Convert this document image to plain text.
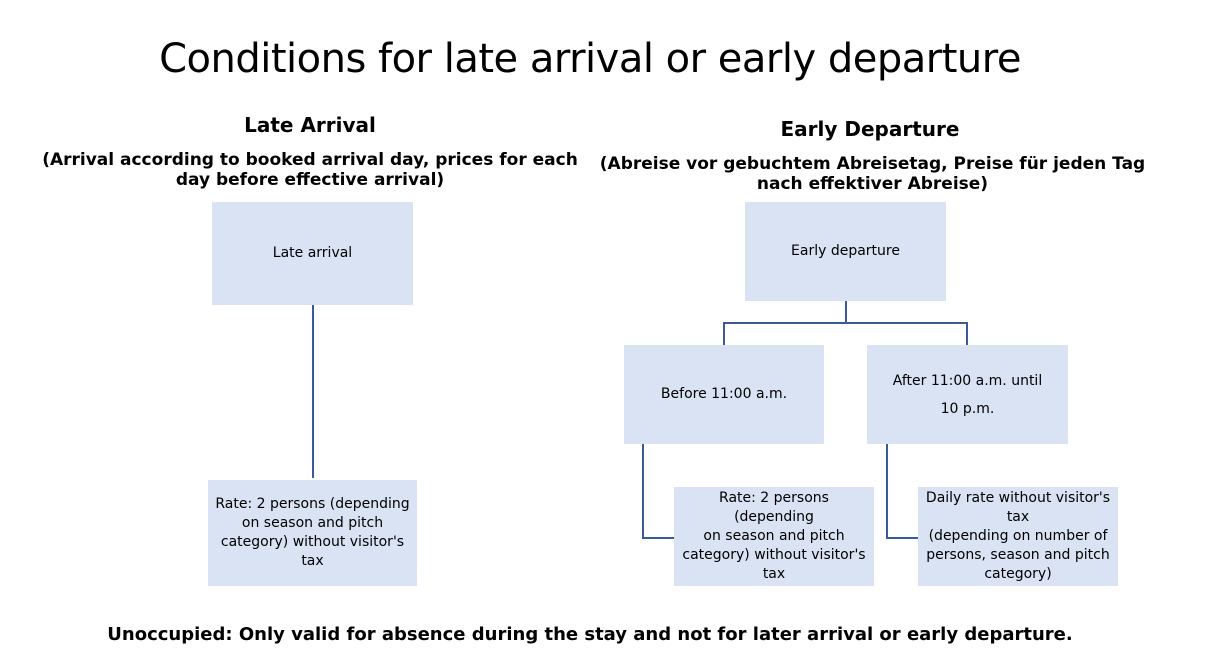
Conditions for late arrival or early departure
Late Arrival
(Arrival according to booked arrival day, prices for each
day before effective arrival)
Late arrival
Rate: 2 persons (depending
on season and pitch
category) without visitor's tax
Early Departure
(Abreise vor gebuchtem Abreisetag, Preise für jeden Tag
nach effektiver Abreise)
Early departure
Before 11:00 a.m.
After 11:00 a.m. until
10 p.m.
Rate: 2 persons (depending
on season and pitch
category) without visitor's
tax
Daily rate without visitor's
tax
(depending on number of
persons, season and pitch
category)
Unoccupied: Only valid for absence during the stay and not for later arrival or early departure.
